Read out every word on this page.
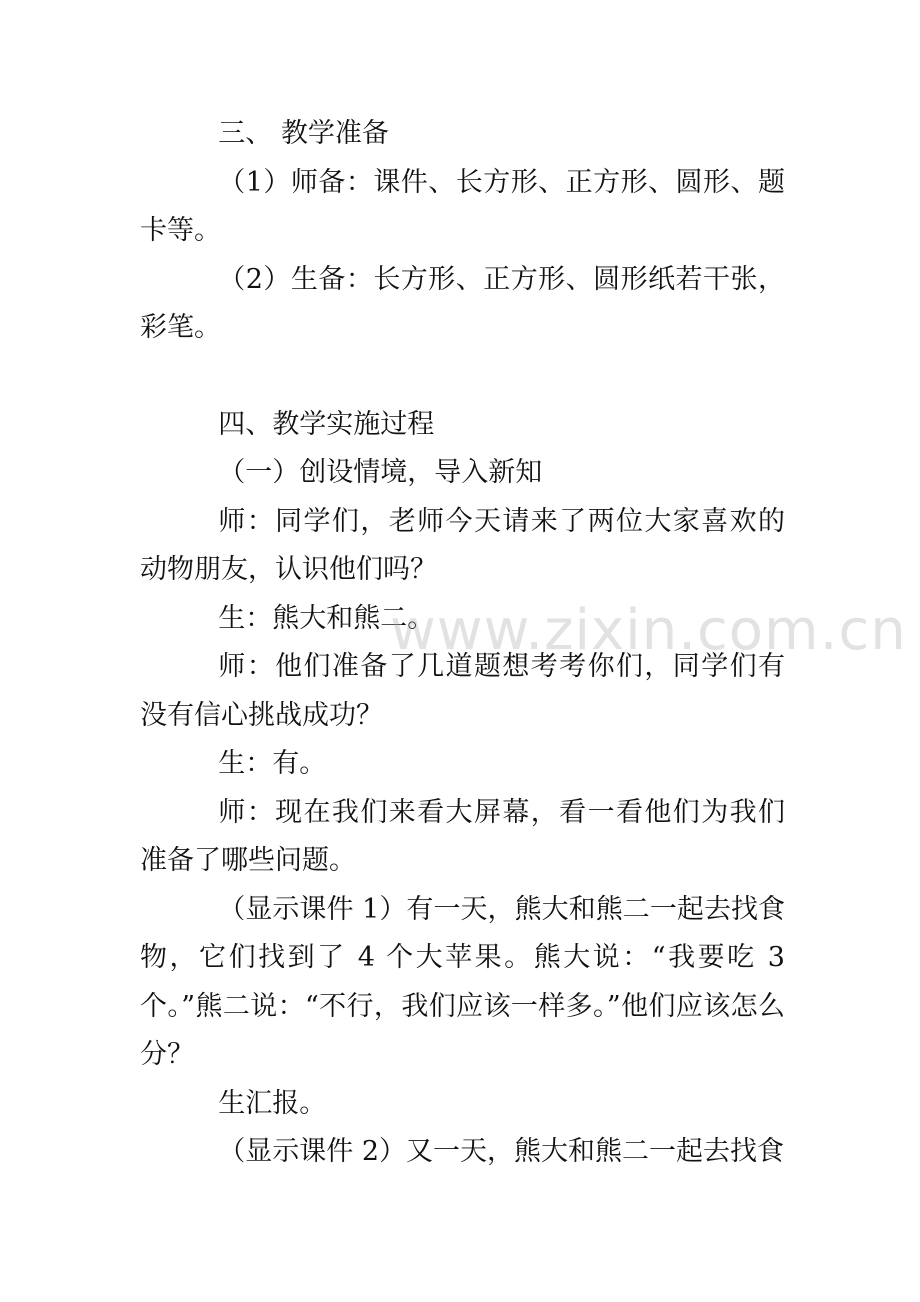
三、 教学准备

（1）师备：课件、长方形、正方形、圆形、题卡等。

（2）生备：长方形、正方形、圆形纸若干张，彩笔。

四、教学实施过程

（一）创设情境，导入新知

师：同学们，老师今天请来了两位大家喜欢的动物朋友，认识他们吗？

生：熊大和熊二。

师：他们准备了几道题想考考你们，同学们有没有信心挑战成功？

生：有。

师：现在我们来看大屏幕，看一看他们为我们准备了哪些问题。

（显示课件 1）有一天，熊大和熊二一起去找食物，它们找到了 4 个大苹果。熊大说：“我要吃 3 个。”熊二说：“不行，我们应该一样多。”他们应该怎么分？

生汇报。

（显示课件 2）又一天，熊大和熊二一起去找食

www.zixin.com.cn
